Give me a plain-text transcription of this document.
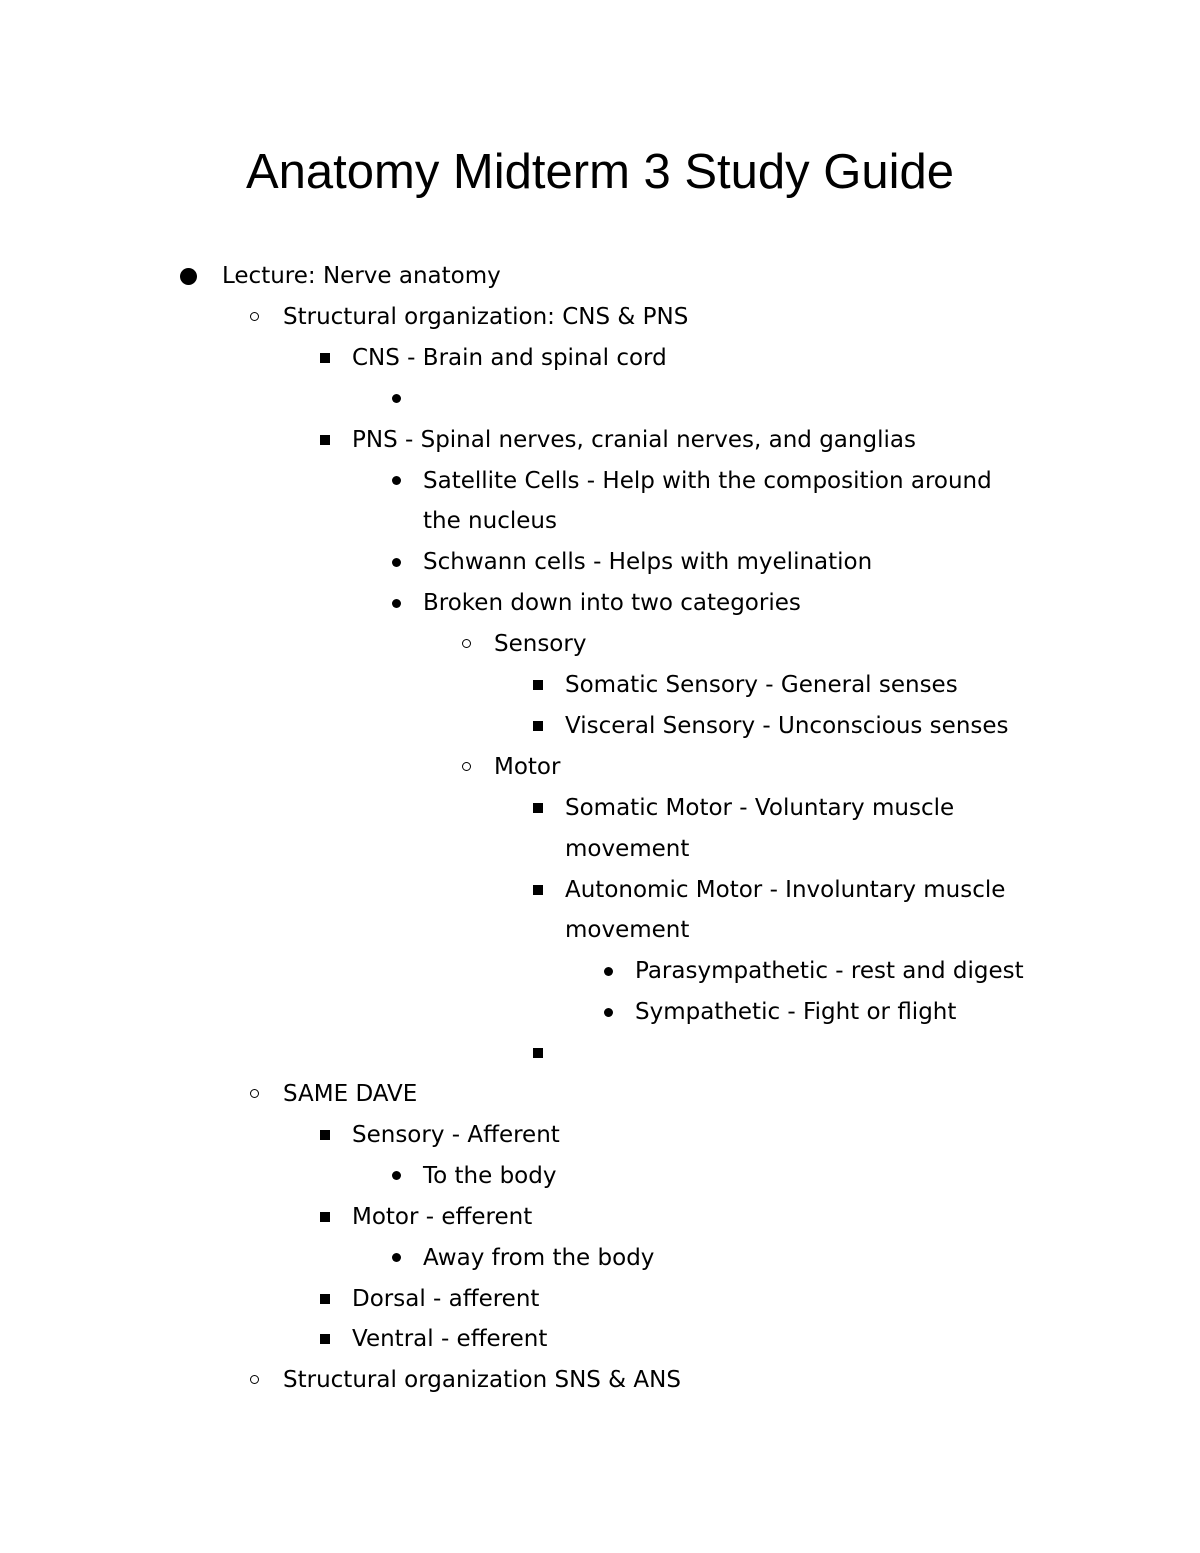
Anatomy Midterm 3 Study Guide
Lecture: Nerve anatomy
Structural organization: CNS & PNS
CNS - Brain and spinal cord
PNS - Spinal nerves, cranial nerves, and ganglias
Satellite Cells - Help with the composition around
the nucleus
Schwann cells - Helps with myelination
Broken down into two categories
Sensory
Somatic Sensory - General senses
Visceral Sensory - Unconscious senses
Motor
Somatic Motor - Voluntary muscle
movement
Autonomic Motor - Involuntary muscle
movement
Parasympathetic - rest and digest
Sympathetic - Fight or flight
SAME DAVE
Sensory - Afferent
To the body
Motor - efferent
Away from the body
Dorsal - afferent
Ventral - efferent
Structural organization SNS & ANS
